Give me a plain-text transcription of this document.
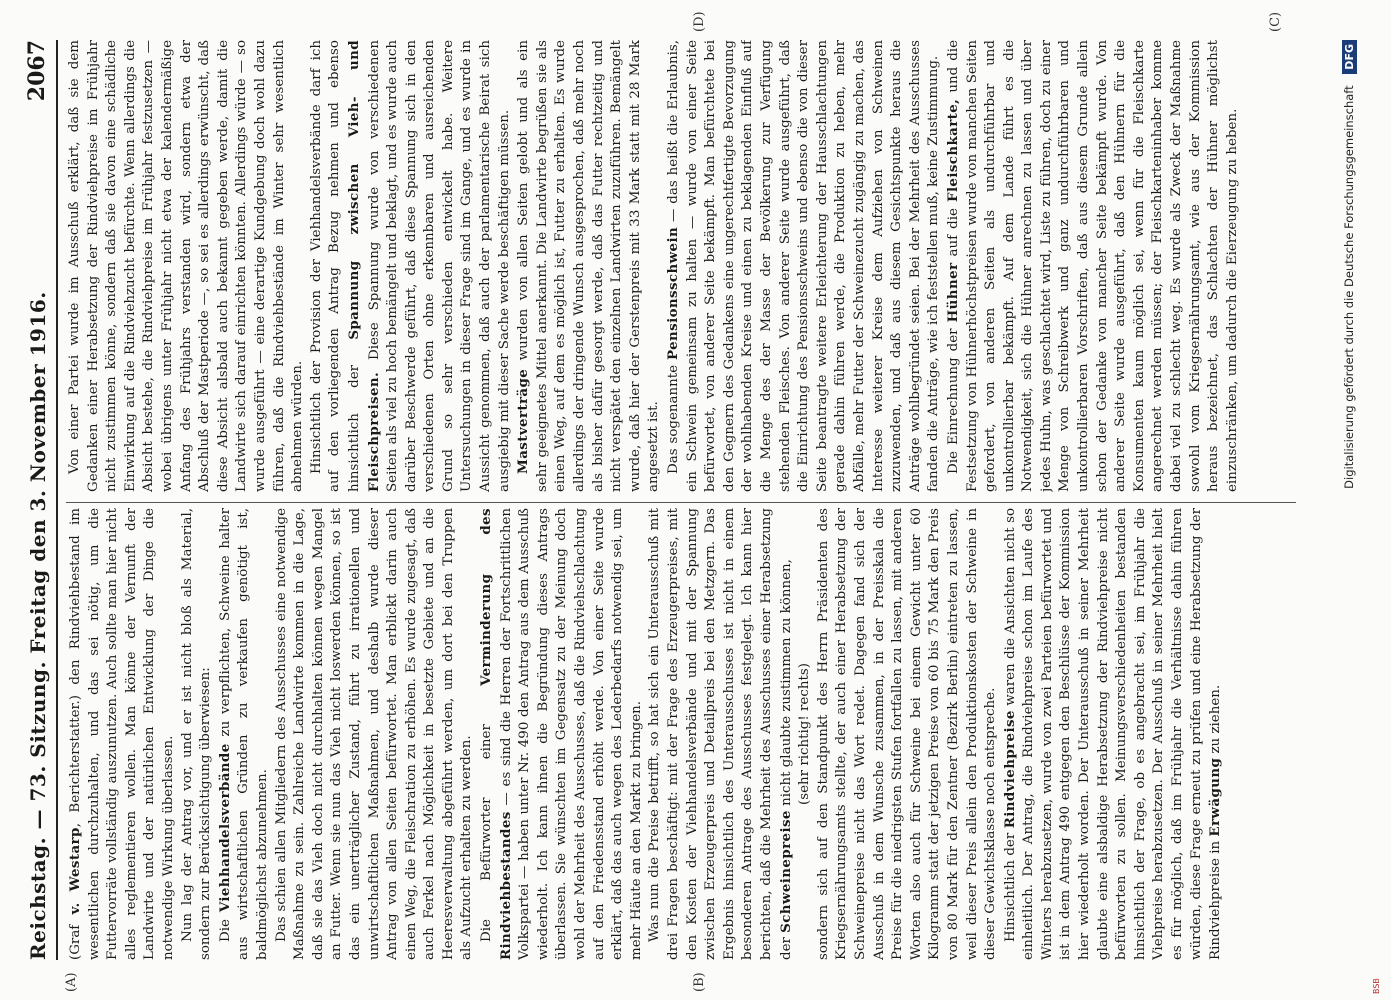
Reichstag. — 73. Sitzung. Freitag den 3. November 1916.
2067
(A)	(B)
(C)
(D)

(Graf v. Westarp, Berichterstatter.) den Rindviehbestand im wesentlichen durchzuhalten, und das sei nötig, um die Futtervorräte vollständig auszunutzen. Auch sollte man hier nicht alles reglementieren wollen. Man könne der Vernunft der Landwirte und der natürlichen Entwicklung der Dinge die notwendige Wirkung überlassen. Nun lag der Antrag vor, und er ist nicht bloß als Material, sondern zur Berücksichtigung überwiesen: Die Viehhandelsverbände zu verpflichten, Schweine halter aus wirtschaftlichen Gründen zu verkaufen genötigt ist, baldmöglichst abzunehmen. Das schien allen Mitgliedern des Ausschusses eine notwendige Maßnahme zu sein. Zahlreiche Landwirte kommen in die Lage, daß sie das Vieh doch nicht durchhalten können wegen Mangel an Futter. Wenn sie nun das Vieh nicht loswerden können, so ist das ein unerträglicher Zustand, führt zu irrationellen und unwirtschaftlichen Maßnahmen, und deshalb wurde dieser Antrag von allen Seiten befürwortet. Man erblickt darin auch einen Weg, die Fleischration zu erhöhen. Es wurde zugesagt, daß auch Ferkel nach Möglichkeit in besetzte Gebiete und an die Heeresverwaltung abgeführt werden, um dort bei den Truppen als Aufzucht erhalten zu werden. Die Befürworter einer Verminderung des Rindviehbestandes — es sind die Herren der Fortschrittlichen Volkspartei — haben unter Nr. 490 den Antrag aus dem Ausschuß wiederholt. Ich kann ihnen die Begründung dieses Antrags überlassen. Sie wünschten im Gegensatz zu der Meinung doch wohl der Mehrheit des Ausschusses, daß die Rindviehschlachtung auf den Friedensstand erhöht werde. Von einer Seite wurde erklärt, daß das auch wegen des Lederbedarfs notwendig sei, um mehr Häute an den Markt zu bringen. Was nun die Preise betrifft, so hat sich ein Unterausschuß mit drei Fragen beschäftigt: mit der Frage des Erzeugerpreises, mit den Kosten der Viehhandelsverbände und mit der Spannung zwischen Erzeugerpreis und Detailpreis bei den Metzgern. Das Ergebnis hinsichtlich des Unterausschusses ist nicht in einem besonderen Antrage des Ausschusses festgelegt. Ich kann hier berichten, daß die Mehrheit des Ausschusses einer Herabsetzung der Schweinepreise nicht glaubte zustimmen zu können, (sehr richtig! rechts) sondern sich auf den Standpunkt des Herrn Präsidenten des Kriegsernährungsamts stellte, der auch einer Herabsetzung der Schweinepreise nicht das Wort redet. Dagegen fand sich der Ausschuß in dem Wunsche zusammen, in der Preisskala die Preise für die niedrigsten Stufen fortfallen zu lassen, mit anderen Worten also auch für Schweine bei einem Gewicht unter 60 Kilogramm statt der jetzigen Preise von 60 bis 75 Mark den Preis von 80 Mark für den Zentner (Bezirk Berlin) eintreten zu lassen, weil dieser Preis allein den Produktionskosten der Schweine in dieser Gewichtsklasse noch entspreche. Hinsichtlich der Rindviehpreise waren die Ansichten nicht so einheitlich. Der Antrag, die Rindviehpreise schon im Laufe des Winters herabzusetzen, wurde von zwei Parteien befürwortet und ist in dem Antrag 490 entgegen den Beschlüsse der Kommission hier wiederholt worden. Der Unterausschuß in seiner Mehrheit glaubte eine alsbaldige Herabsetzung der Rindviehpreise nicht befürworten zu sollen. Meinungsverschiedenheiten bestanden hinsichtlich der Frage, ob es angebracht sei, im Frühjahr die Viehpreise herabzusetzen. Der Ausschuß in seiner Mehrheit hielt es für möglich, daß im Frühjahr die Verhältnisse dahin führen würden, diese Frage erneut zu prüfen und eine Herabsetzung der Rindviehpreise in Erwägung zu ziehen.

Von einer Partei wurde im Ausschuß erklärt, daß sie dem Gedanken einer Herabsetzung der Rindviehpreise im Frühjahr nicht zustimmen könne, sondern daß sie davon eine schädliche Einwirkung auf die Rindviehzucht befürchte. Wenn allerdings die Absicht bestehe, die Rindviehpreise im Frühjahr festzusetzen — wobei übrigens unter Frühjahr nicht etwa der kalendermäßige Anfang des Frühjahrs verstanden wird, sondern etwa der Abschluß der Mastperiode —, so sei es allerdings erwünscht, daß diese Absicht alsbald auch bekannt gegeben werde, damit die Landwirte sich darauf einrichten könnten. Allerdings würde — so wurde ausgeführt — eine derartige Kundgebung doch wohl dazu führen, daß die Rindviehbestände im Winter sehr wesentlich abnehmen würden. Hinsichtlich der Provision der Viehhandelsverbände darf ich auf den vorliegenden Antrag Bezug nehmen und ebenso hinsichtlich der Spannung zwischen Vieh- und Fleischpreisen. Diese Spannung wurde von verschiedenen Seiten als viel zu hoch bemängelt und beklagt, und es wurde auch darüber Beschwerde geführt, daß diese Spannung sich in den verschiedenen Orten ohne erkennbaren und ausreichenden Grund so sehr verschieden entwickelt habe. Weitere Untersuchungen in dieser Frage sind im Gange, und es wurde in Aussicht genommen, daß auch der parlamentarische Beirat sich ausgiebig mit dieser Sache werde beschäftigen müssen. Mastverträge wurden von allen Seiten gelobt und als ein sehr geeignetes Mittel anerkannt. Die Landwirte begrüßen sie als einen Weg, auf dem es möglich ist, Futter zu erhalten. Es wurde allerdings der dringende Wunsch ausgesprochen, daß mehr noch als bisher dafür gesorgt werde, daß das Futter rechtzeitig und nicht verspätet den einzelnen Landwirten zuzuführen. Bemängelt wurde, daß hier der Gerstenpreis mit 33 Mark statt mit 28 Mark angesetzt ist. Das sogenannte Pensionsschwein — das heißt die Erlaubnis, ein Schwein gemeinsam zu halten — wurde von einer Seite befürwortet, von anderer Seite bekämpft. Man befürchtete bei den Gegnern des Gedankens eine ungerechtfertigte Bevorzugung der wohlhabenden Kreise und einen zu beklagenden Einfluß auf die Menge des der Masse der Bevölkerung zur Verfügung stehenden Fleisches. Von anderer Seite wurde ausgeführt, daß die Einrichtung des Pensionsschweins und ebenso die von dieser Seite beantragte weitere Erleichterung der Hausschlachtungen gerade dahin führen werde, die Produktion zu heben, mehr Abfälle, mehr Futter der Schweinezucht zugängig zu machen, das Interesse weiterer Kreise dem Aufziehen von Schweinen zuzuwenden, und daß aus diesem Gesichtspunkte heraus die Anträge wohlbegründet seien. Bei der Mehrheit des Ausschusses fanden die Anträge, wie ich feststellen muß, keine Zustimmung. Die Einrechnung der Hühner auf die Fleischkarte, und die Festsetzung von Hühnerhöchstpreisen wurde von manchen Seiten gefordert, von anderen Seiten als undurchführbar und unkontrollierbar bekämpft. Auf dem Lande führt es die Notwendigkeit, sich die Hühner anrechnen zu lassen und über jedes Huhn, was geschlachtet wird, Liste zu führen, doch zu einer Menge von Schreibwerk und ganz undurchführbaren und unkontrollierbaren Vorschriften, daß aus diesem Grunde allein schon der Gedanke von mancher Seite bekämpft wurde. Von anderer Seite wurde ausgeführt, daß den Hühnern für die Konsumenten kaum möglich sei, wenn für die Fleischkarte angerechnet werden müssen; der Fleischkarteninhaber komme dabei viel zu schlecht weg. Es wurde als Zweck der Maßnahme sowohl vom Kriegsernährungsamt, wie aus der Kommission heraus bezeichnet, das Schlachten der Hühner möglichst einzuschränken, um dadurch die Eierzeugung zu heben.	Digitalisierung gefördert durch die Deutsche Forschungsgemeinschaft DFG
BSB
